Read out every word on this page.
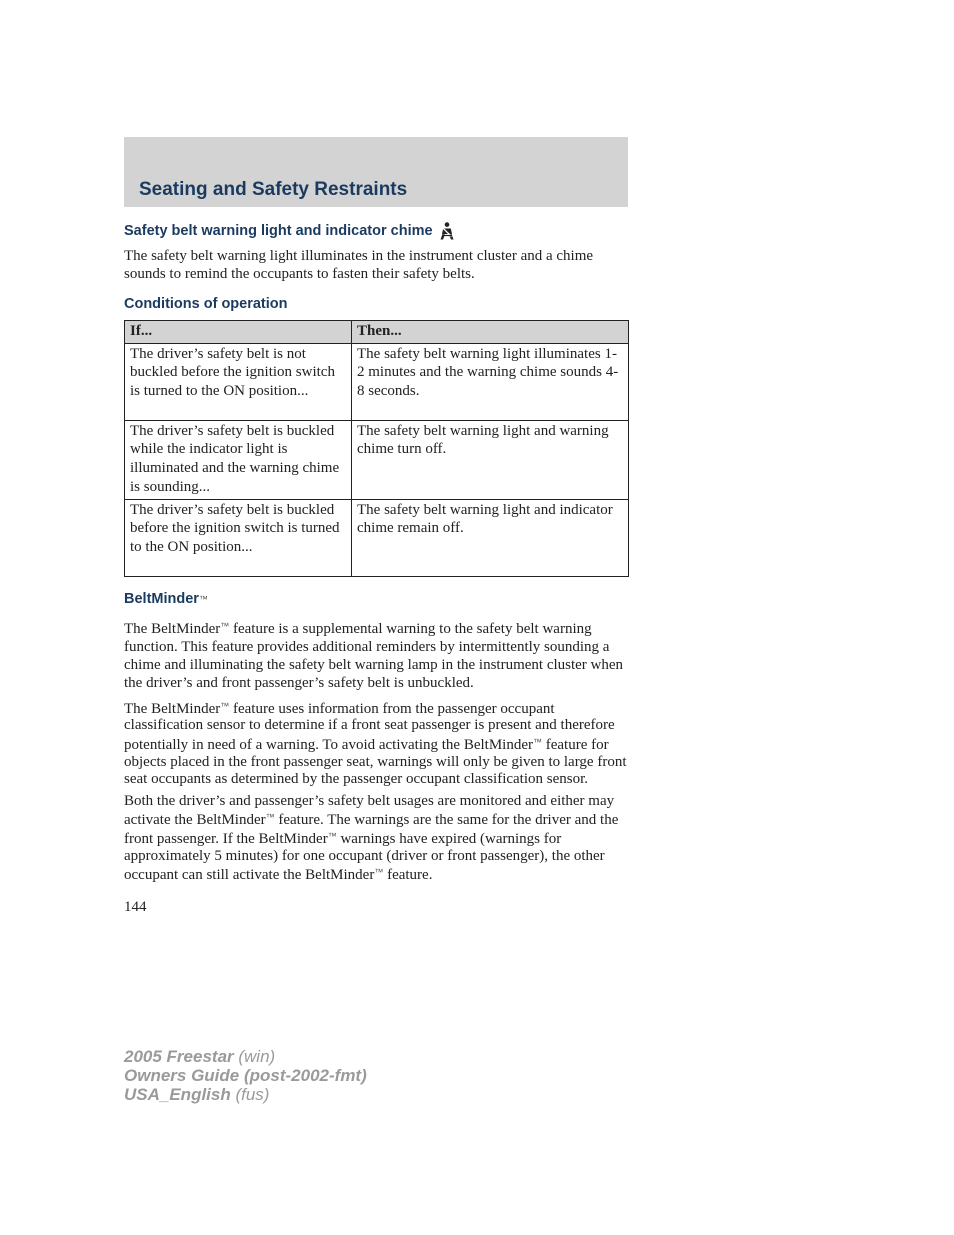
Seating and Safety Restraints
Safety belt warning light and indicator chime

The safety belt warning light illuminates in the instrument cluster and a chime sounds to remind the occupants to fasten their safety belts.

Conditions of operation
If...	Then...
The driver’s safety belt is not buckled before the ignition switch is turned to the ON position...	The safety belt warning light illuminates 1-2 minutes and the warning chime sounds 4-8 seconds.
The driver’s safety belt is buckled while the indicator light is illuminated and the warning chime is sounding...	The safety belt warning light and warning chime turn off.
The driver’s safety belt is buckled before the ignition switch is turned to the ON position...	The safety belt warning light and indicator chime remain off.
BeltMinder ™

The BeltMinder™ feature is a supplemental warning to the safety belt warning function. This feature provides additional reminders by intermittently sounding a chime and illuminating the safety belt warning lamp in the instrument cluster when the driver’s and front passenger’s safety belt is unbuckled.

The BeltMinder™ feature uses information from the passenger occupant classification sensor to determine if a front seat passenger is present and therefore potentially in need of a warning. To avoid activating the BeltMinder™ feature for objects placed in the front passenger seat, warnings will only be given to large front seat occupants as determined by the passenger occupant classification sensor.

Both the driver’s and passenger’s safety belt usages are monitored and either may activate the BeltMinder™ feature. The warnings are the same for the driver and the front passenger. If the BeltMinder™ warnings have expired (warnings for approximately 5 minutes) for one occupant (driver or front passenger), the other occupant can still activate the BeltMinder™ feature.

144

2005 Freestar (win)
Owners Guide (post-2002-fmt)
USA_English (fus)
